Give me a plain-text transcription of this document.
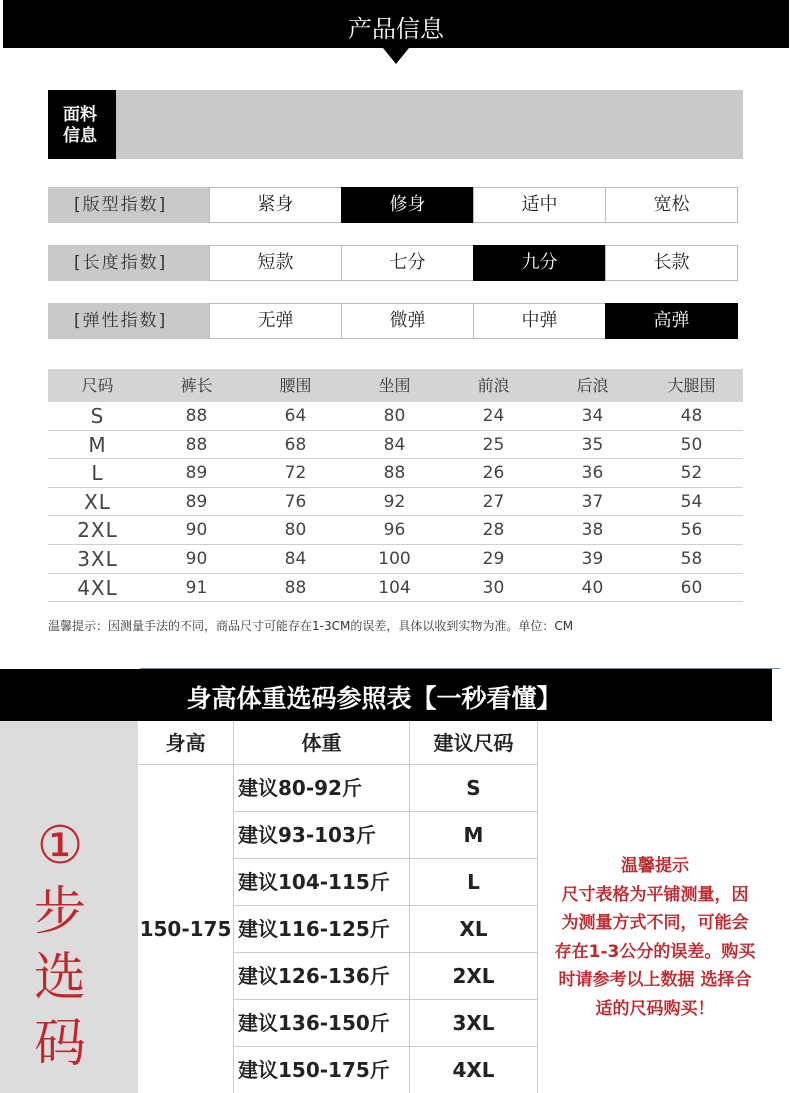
产品信息
面料
信息
[版型指数]	紧身	修身	适中	宽松
[长度指数]	短款	七分	九分	长款
[弹性指数]	无弹	微弹	中弹	高弹
尺码	裤长	腰围	坐围	前浪	后浪	大腿围
S	88	64	80	24	34	48
M	88	68	84	25	35	50
L	89	72	88	26	36	52
XL	89	76	92	27	37	54
2XL	90	80	96	28	38	56
3XL	90	84	100	29	39	58
4XL	91	88	104	30	40	60
温馨提示：因测量手法的不同，商品尺寸可能存在1-3CM的误差，具体以收到实物为准。单位：CM
身高体重选码参照表【一秒看懂】
①
步
选
码
身高	体重	建议尺码
150-175
建议80-92斤	S
建议93-103斤	M
建议104-115斤	L
建议116-125斤	XL
建议126-136斤	2XL
建议136-150斤	3XL
建议150-175斤	4XL
温馨提示
尺寸表格为平铺测量，因
为测量方式不同，可能会
存在1-3公分的误差。购买
时请参考以上数据 选择合
适的尺码购买！
